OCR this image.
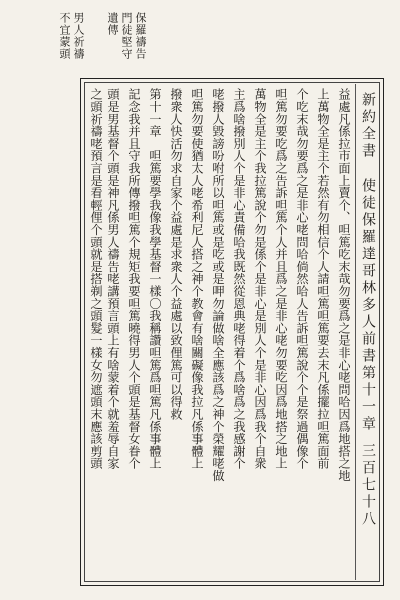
保羅禱告
門徒堅守
遺傳
男人祈禱
不宜蒙頭
新約全書使徒保羅達哥林多人前書第十一章三百七十八
益處凡係拉市面上賣个、呾篤吃末哉勿要爲之是非心咾問哈因爲地搭之地
上萬物全是主个若然有勿相信个人請呾篤呾篤要去末凡係擺拉呾篤面前
个吃末哉勿要爲之是非心咾問哈倘然哈人告訴呾篤說个个是祭過偶像个
呾篤勿要吃爲之告訴呾篤个人并且爲之是非心咾勿要吃因爲地搭之地上
萬物全是主个我拉篤說个勿是係个是非心是別人个是非心因爲我个自衆
主爲啥撥別人个是非心責備哈我既然從恩典咾得着个爲啥爲之我感謝个
咾撥人毀謗吩咐所以呾篤或是吃或是呷勿論做啥全應該爲之神个榮耀咾做
呾篤勿要使猶太人咾希利尼人搭之神个教會有啥關礙像我拉凡係事體上
撥衆人快活勿求自家个益處是求衆人个益處以致俚篤可以得救
第十一章　呾篤要學我像我學基督一樣〇我稱讚呾篤爲呾篤凡係事體上
記念我并且守我所傳撥呾篤个規矩我要呾篤曉得男人个頭是基督女眷个
頭是男基督个頭是神凡係男人禱告咾講預言頭上有啥蒙着个就羞辱自家
之頭祈禱咾預言是看輕俚个頭就是搭剃之頭髮一樣女勿遮頭末應該剪頭
